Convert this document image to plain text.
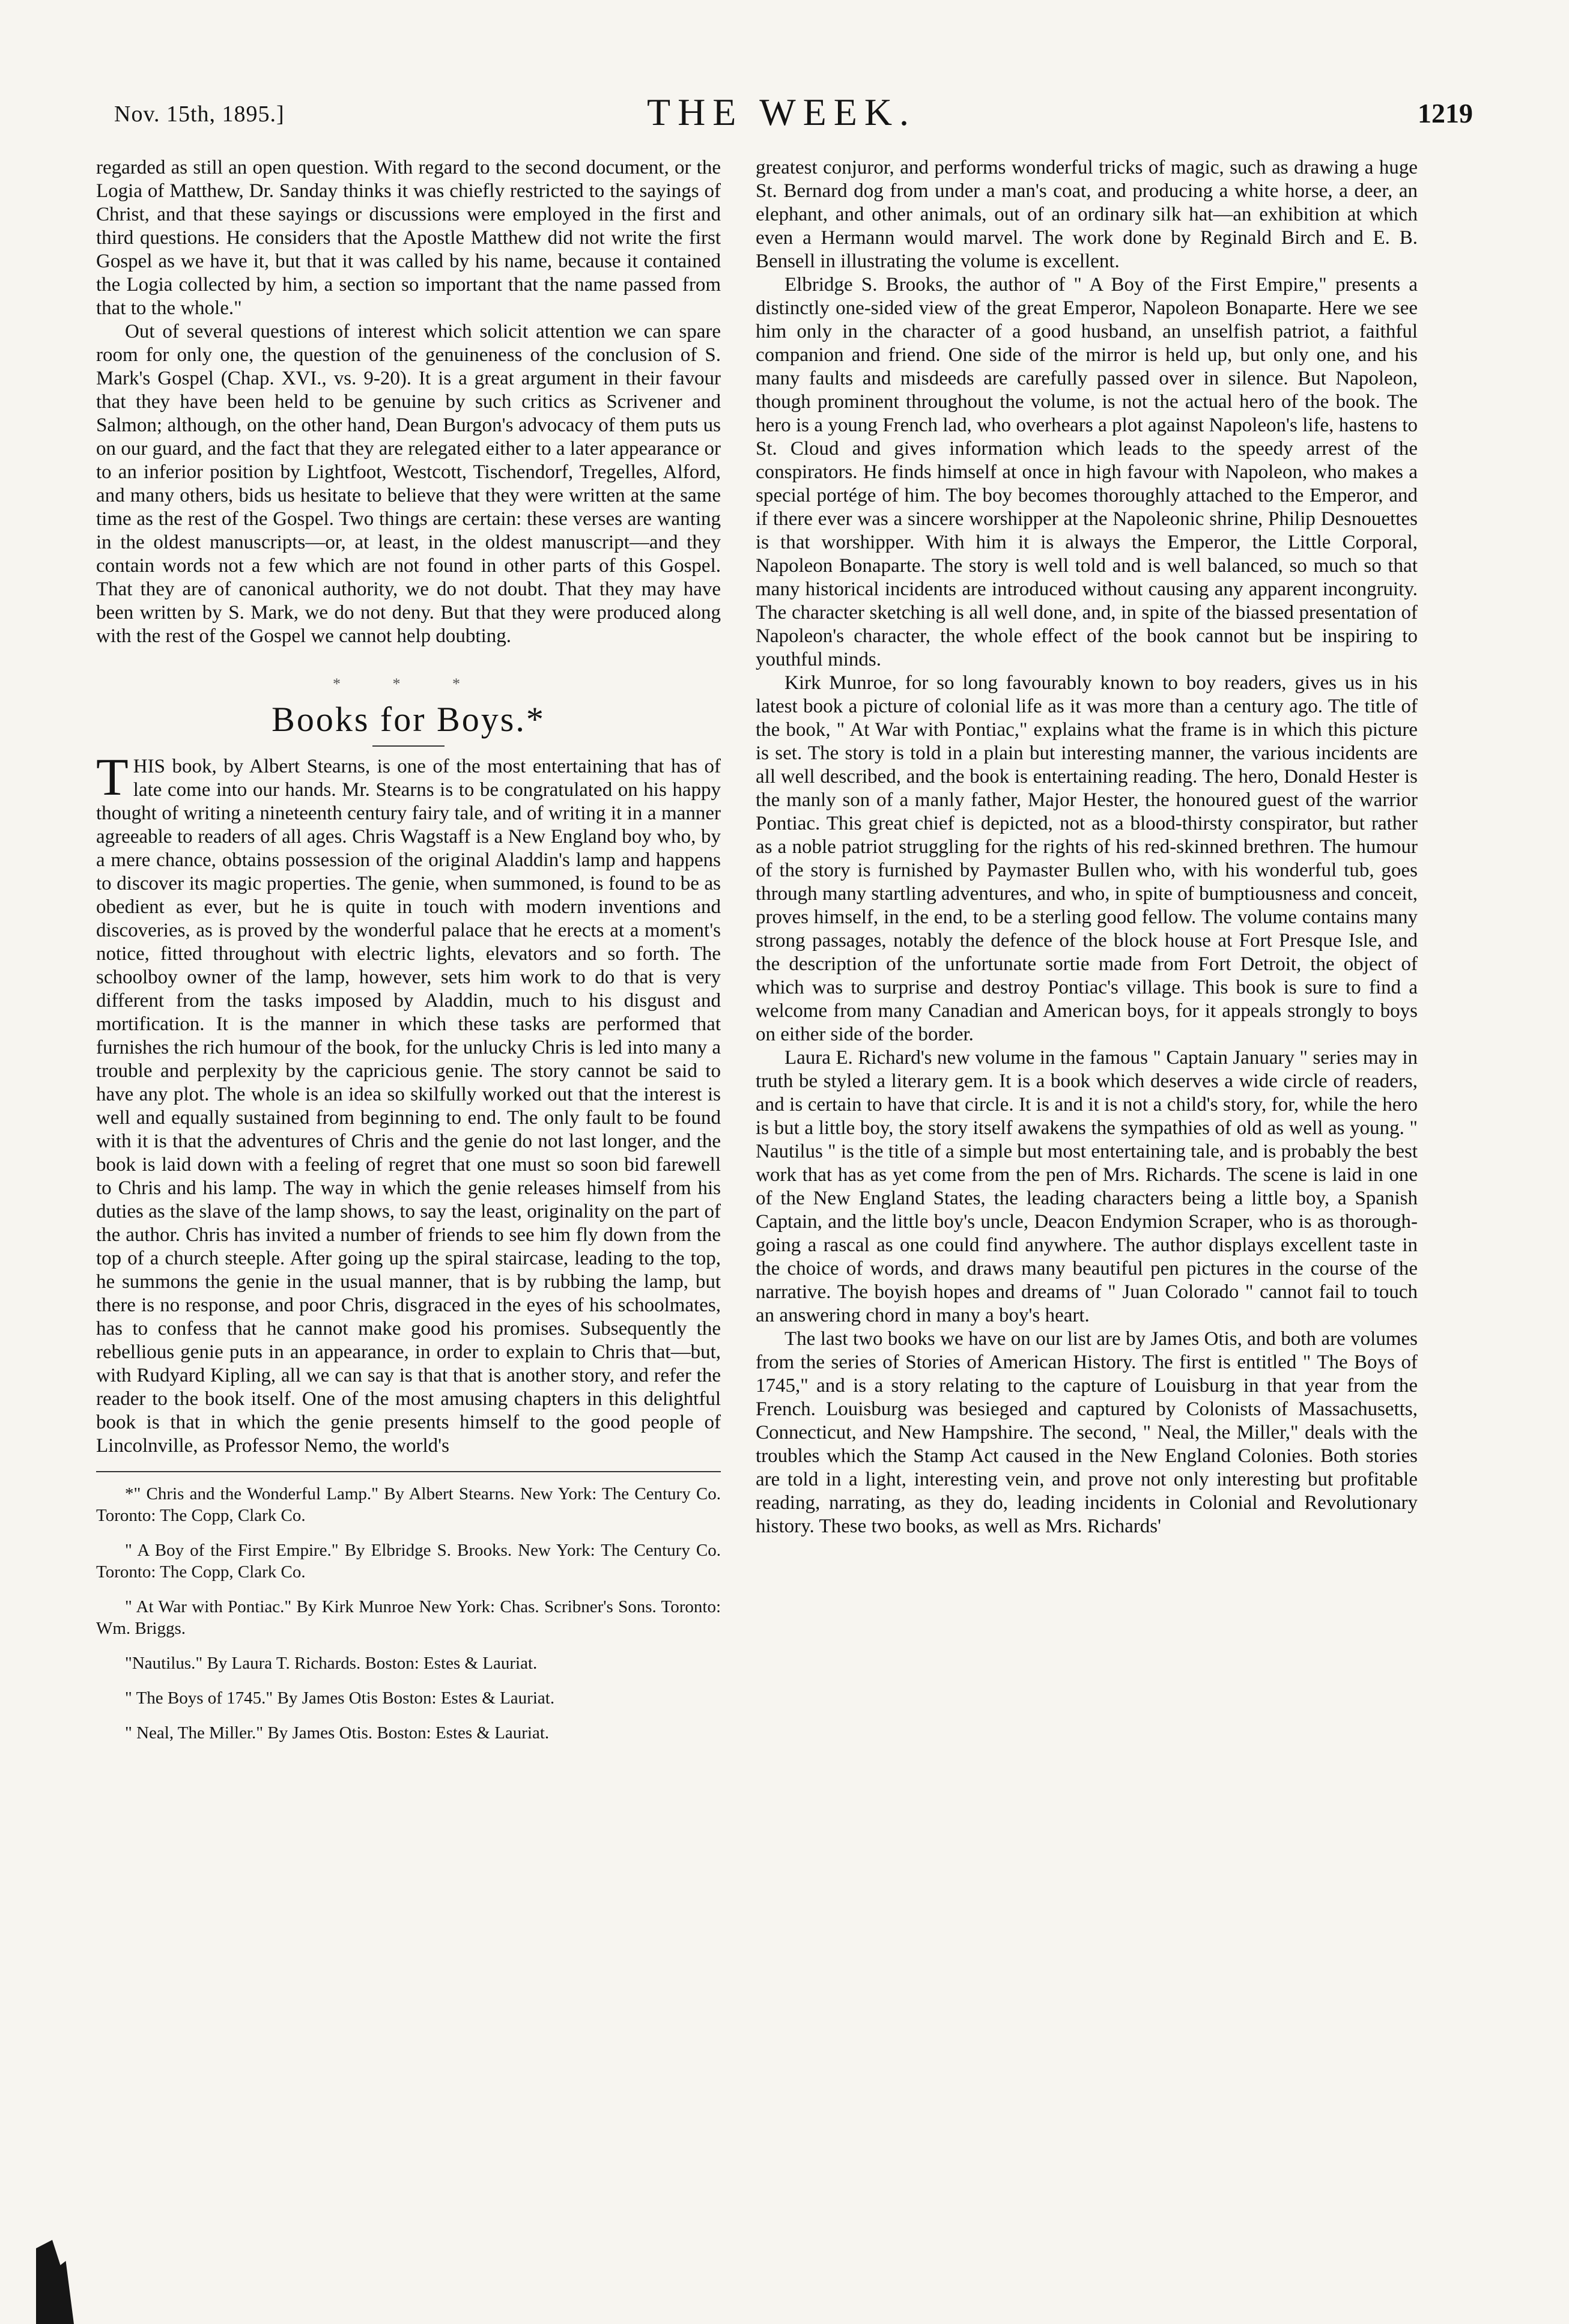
Nov. 15th, 1895.]	THE WEEK.	1219

regarded as still an open question. With regard to the second document, or the Logia of Matthew, Dr. Sanday thinks it was chiefly restricted to the sayings of Christ, and that these sayings or discussions were employed in the first and third questions. He considers that the Apostle Matthew did not write the first Gospel as we have it, but that it was called by his name, because it contained the Logia collected by him, a section so important that the name passed from that to the whole."

Out of several questions of interest which solicit attention we can spare room for only one, the question of the genuineness of the conclusion of S. Mark's Gospel (Chap. XVI., vs. 9-20). It is a great argument in their favour that they have been held to be genuine by such critics as Scrivener and Salmon; although, on the other hand, Dean Burgon's advocacy of them puts us on our guard, and the fact that they are relegated either to a later appearance or to an inferior position by Lightfoot, Westcott, Tischendorf, Tregelles, Alford, and many others, bids us hesitate to believe that they were written at the same time as the rest of the Gospel. Two things are certain: these verses are wanting in the oldest manuscripts—or, at least, in the oldest manuscript—and they contain words not a few which are not found in other parts of this Gospel. That they are of canonical authority, we do not doubt. That they may have been written by S. Mark, we do not deny. But that they were produced along with the rest of the Gospel we cannot help doubting.

* * *
Books for Boys.*

THIS book, by Albert Stearns, is one of the most entertaining that has of late come into our hands. Mr. Stearns is to be congratulated on his happy thought of writing a nineteenth century fairy tale, and of writing it in a manner agreeable to readers of all ages. Chris Wagstaff is a New England boy who, by a mere chance, obtains possession of the original Aladdin's lamp and happens to discover its magic properties. The genie, when summoned, is found to be as obedient as ever, but he is quite in touch with modern inventions and discoveries, as is proved by the wonderful palace that he erects at a moment's notice, fitted throughout with electric lights, elevators and so forth. The schoolboy owner of the lamp, however, sets him work to do that is very different from the tasks imposed by Aladdin, much to his disgust and mortification. It is the manner in which these tasks are performed that furnishes the rich humour of the book, for the unlucky Chris is led into many a trouble and perplexity by the capricious genie. The story cannot be said to have any plot. The whole is an idea so skilfully worked out that the interest is well and equally sustained from beginning to end. The only fault to be found with it is that the adventures of Chris and the genie do not last longer, and the book is laid down with a feeling of regret that one must so soon bid farewell to Chris and his lamp. The way in which the genie releases himself from his duties as the slave of the lamp shows, to say the least, originality on the part of the author. Chris has invited a number of friends to see him fly down from the top of a church steeple. After going up the spiral staircase, leading to the top, he summons the genie in the usual manner, that is by rubbing the lamp, but there is no response, and poor Chris, disgraced in the eyes of his schoolmates, has to confess that he cannot make good his promises. Subsequently the rebellious genie puts in an appearance, in order to explain to Chris that—but, with Rudyard Kipling, all we can say is that that is another story, and refer the reader to the book itself. One of the most amusing chapters in this delightful book is that in which the genie presents himself to the good people of Lincolnville, as Professor Nemo, the world's

*" Chris and the Wonderful Lamp." By Albert Stearns. New York: The Century Co. Toronto: The Copp, Clark Co.

" A Boy of the First Empire." By Elbridge S. Brooks. New York: The Century Co. Toronto: The Copp, Clark Co.

" At War with Pontiac." By Kirk Munroe New York: Chas. Scribner's Sons. Toronto: Wm. Briggs.

"Nautilus." By Laura T. Richards. Boston: Estes & Lauriat.

" The Boys of 1745." By James Otis Boston: Estes & Lauriat.

" Neal, The Miller." By James Otis. Boston: Estes & Lauriat.

greatest conjuror, and performs wonderful tricks of magic, such as drawing a huge St. Bernard dog from under a man's coat, and producing a white horse, a deer, an elephant, and other animals, out of an ordinary silk hat—an exhibition at which even a Hermann would marvel. The work done by Reginald Birch and E. B. Bensell in illustrating the volume is excellent.

Elbridge S. Brooks, the author of " A Boy of the First Empire," presents a distinctly one-sided view of the great Emperor, Napoleon Bonaparte. Here we see him only in the character of a good husband, an unselfish patriot, a faithful companion and friend. One side of the mirror is held up, but only one, and his many faults and misdeeds are carefully passed over in silence. But Napoleon, though prominent throughout the volume, is not the actual hero of the book. The hero is a young French lad, who overhears a plot against Napoleon's life, hastens to St. Cloud and gives information which leads to the speedy arrest of the conspirators. He finds himself at once in high favour with Napoleon, who makes a special portége of him. The boy becomes thoroughly attached to the Emperor, and if there ever was a sincere worshipper at the Napoleonic shrine, Philip Desnouettes is that worshipper. With him it is always the Emperor, the Little Corporal, Napoleon Bonaparte. The story is well told and is well balanced, so much so that many historical incidents are introduced without causing any apparent incongruity. The character sketching is all well done, and, in spite of the biassed presentation of Napoleon's character, the whole effect of the book cannot but be inspiring to youthful minds.

Kirk Munroe, for so long favourably known to boy readers, gives us in his latest book a picture of colonial life as it was more than a century ago. The title of the book, " At War with Pontiac," explains what the frame is in which this picture is set. The story is told in a plain but interesting manner, the various incidents are all well described, and the book is entertaining reading. The hero, Donald Hester is the manly son of a manly father, Major Hester, the honoured guest of the warrior Pontiac. This great chief is depicted, not as a blood-thirsty conspirator, but rather as a noble patriot struggling for the rights of his red-skinned brethren. The humour of the story is furnished by Paymaster Bullen who, with his wonderful tub, goes through many startling adventures, and who, in spite of bumptiousness and conceit, proves himself, in the end, to be a sterling good fellow. The volume contains many strong passages, notably the defence of the block house at Fort Presque Isle, and the description of the unfortunate sortie made from Fort Detroit, the object of which was to surprise and destroy Pontiac's village. This book is sure to find a welcome from many Canadian and American boys, for it appeals strongly to boys on either side of the border.

Laura E. Richard's new volume in the famous " Captain January " series may in truth be styled a literary gem. It is a book which deserves a wide circle of readers, and is certain to have that circle. It is and it is not a child's story, for, while the hero is but a little boy, the story itself awakens the sympathies of old as well as young. " Nautilus " is the title of a simple but most entertaining tale, and is probably the best work that has as yet come from the pen of Mrs. Richards. The scene is laid in one of the New England States, the leading characters being a little boy, a Spanish Captain, and the little boy's uncle, Deacon Endymion Scraper, who is as thorough-going a rascal as one could find anywhere. The author displays excellent taste in the choice of words, and draws many beautiful pen pictures in the course of the narrative. The boyish hopes and dreams of " Juan Colorado " cannot fail to touch an answering chord in many a boy's heart.

The last two books we have on our list are by James Otis, and both are volumes from the series of Stories of American History. The first is entitled " The Boys of 1745," and is a story relating to the capture of Louisburg in that year from the French. Louisburg was besieged and captured by Colonists of Massachusetts, Connecticut, and New Hampshire. The second, " Neal, the Miller," deals with the troubles which the Stamp Act caused in the New England Colonies. Both stories are told in a light, interesting vein, and prove not only interesting but profitable reading, narrating, as they do, leading incidents in Colonial and Revolutionary history. These two books, as well as Mrs. Richards'
